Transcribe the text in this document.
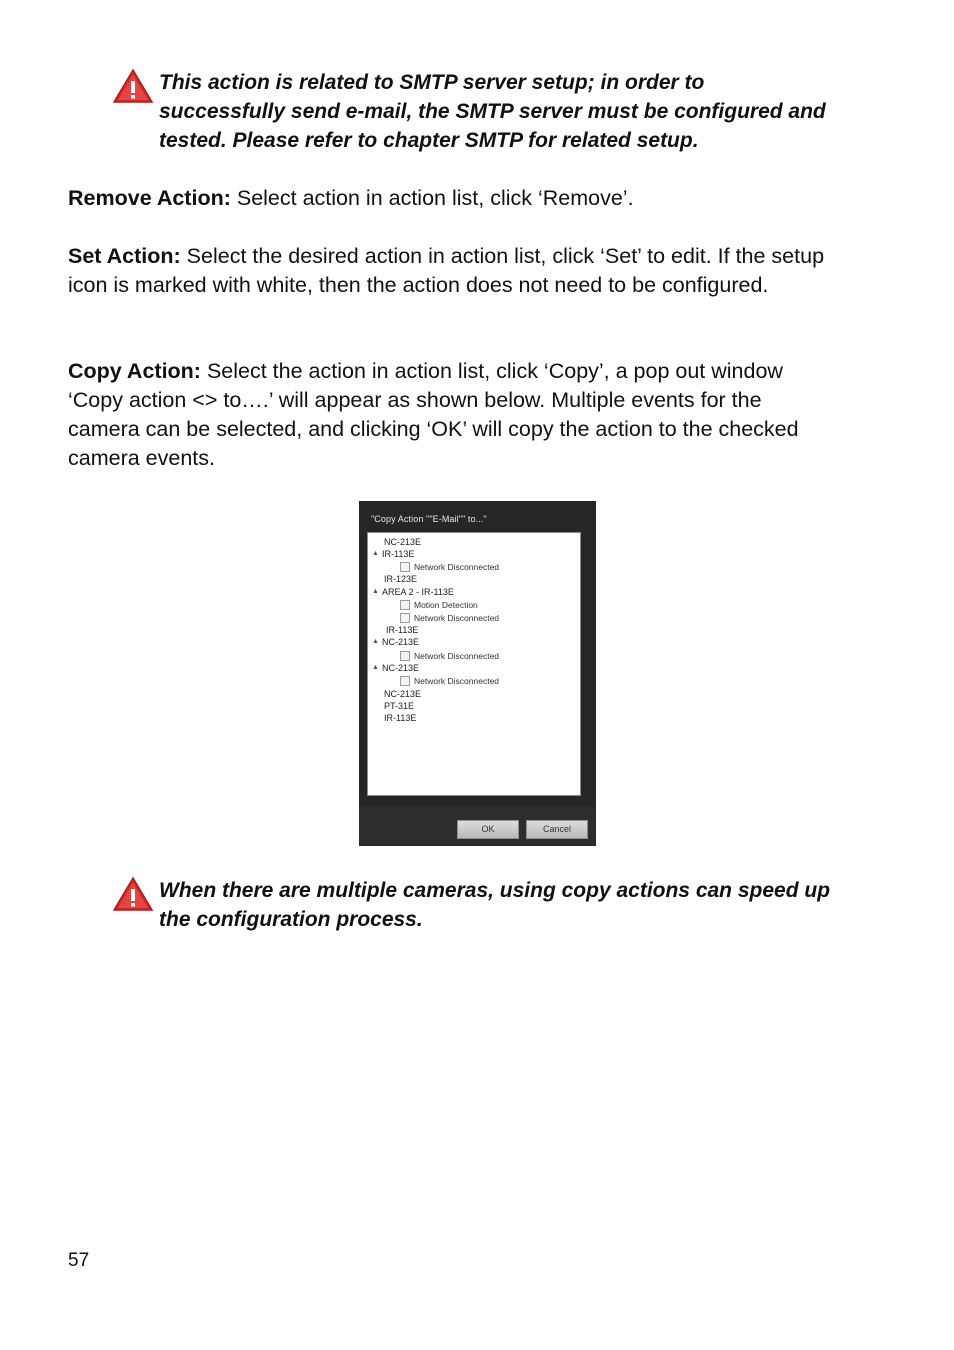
This action is related to SMTP server setup; in order to successfully send e-mail, the SMTP server must be configured and tested. Please refer to chapter SMTP for related setup.
Remove Action: Select action in action list, click ‘Remove’.
Set Action: Select the desired action in action list, click ‘Set’ to edit. If the setup icon is marked with white, then the action does not need to be configured.
Copy Action: Select the action in action list, click ‘Copy’, a pop out window ‘Copy action <> to….’ will appear as shown below. Multiple events for the camera can be selected, and clicking ‘OK’ will copy the action to the checked camera events.
"Copy Action ""E-Mail"" to..."
NC-213E
▲ IR-113E
Network Disconnected
IR-123E
▲ AREA 2 - IR-113E
Motion Detection
Network Disconnected
IR-113E
▲ NC-213E
Network Disconnected
▲ NC-213E
Network Disconnected
NC-213E
PT-31E
IR-113E
OK	Cancel
When there are multiple cameras, using copy actions can speed up the configuration process.
57
